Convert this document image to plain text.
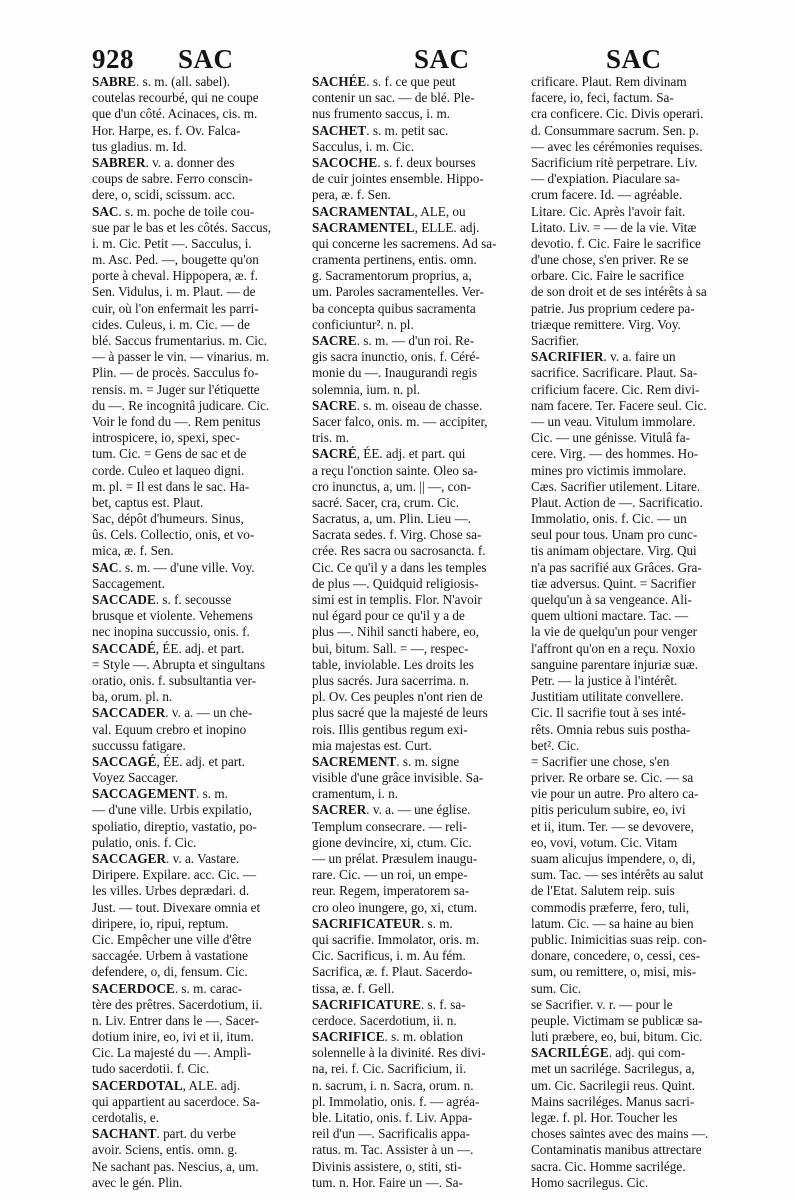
928 SAC	SAC	SAC
SABRE. s. m. (all. sabel).
coutelas recourbé, qui ne coupe
que d'un côté. Acinaces, cis. m.
Hor. Harpe, es. f. Ov. Falca-
tus gladius. m. Id.
SABRER. v. a. donner des
coups de sabre. Ferro conscin-
dere, o, scidi, scissum. acc.
SAC. s. m. poche de toile cou-
sue par le bas et les côtés. Saccus,
i. m. Cic. Petit —. Sacculus, i.
m. Asc. Ped. —, bougette qu'on
porte à cheval. Hippopera, æ. f.
Sen. Vidulus, i. m. Plaut. — de
cuir, où l'on enfermait les parri-
cides. Culeus, i. m. Cic. — de
blé. Saccus frumentarius. m. Cic.
— à passer le vin. — vinarius. m.
Plin. — de procès. Sacculus fo-
rensis. m. = Juger sur l'étiquette
du —. Re incognitâ judicare. Cic.
Voir le fond du —. Rem penitus
introspicere, io, spexi, spec-
tum. Cic. = Gens de sac et de
corde. Culeo et laqueo digni.
m. pl. = Il est dans le sac. Ha-
bet, captus est. Plaut.
Sac, dépôt d'humeurs. Sinus,
ûs. Cels. Collectio, onis, et vo-
mica, æ. f. Sen.
SAC. s. m. — d'une ville. Voy.
Saccagement.
SACCADE. s. f. secousse
brusque et violente. Vehemens
nec inopina succussio, onis. f.
SACCADÉ, ÉE. adj. et part.
= Style —. Abrupta et singultans
oratio, onis. f. subsultantia ver-
ba, orum. pl. n.
SACCADER. v. a. — un che-
val. Equum crebro et inopino
succussu fatigare.
SACCAGÉ, ÉE. adj. et part.
Voyez Saccager.
SACCAGEMENT. s. m.
— d'une ville. Urbis expilatio,
spoliatio, direptio, vastatio, po-
pulatio, onis. f. Cic.
SACCAGER. v. a. Vastare.
Diripere. Expilare. acc. Cic. —
les villes. Urbes deprædari. d.
Just. — tout. Divexare omnia et
diripere, io, ripui, reptum.
Cic. Empêcher une ville d'être
saccagée. Urbem à vastatione
defendere, o, di, fensum. Cic.
SACERDOCE. s. m. carac-
tère des prêtres. Sacerdotium, ii.
n. Liv. Entrer dans le —. Sacer-
dotium inire, eo, ivi et ii, itum.
Cic. La majesté du —. Amplì-
tudo sacerdotii. f. Cic.
SACERDOTAL, ALE. adj.
qui appartient au sacerdoce. Sa-
cerdotalis, e.
SACHANT. part. du verbe
avoir. Sciens, entis. omn. g.
Ne sachant pas. Nescius, a, um.
avec le gén. Plin.
SACHÉE. s. f. ce que peut
contenir un sac. — de blé. Ple-
nus frumento saccus, i. m.
SACHET. s. m. petit sac.
Sacculus, i. m. Cic.
SACOCHE. s. f. deux bourses
de cuir jointes ensemble. Hippo-
pera, æ. f. Sen.
SACRAMENTAL, ALE, ou
SACRAMENTEL, ELLE. adj.
qui concerne les sacremens. Ad sa-
cramenta pertinens, entis. omn.
g. Sacramentorum proprius, a,
um. Paroles sacramentelles. Ver-
ba concepta quibus sacramenta
conficiuntur². n. pl.
SACRE. s. m. — d'un roi. Re-
gis sacra inunctio, onis. f. Céré-
monie du —. Inaugurandi regis
solemnia, ium. n. pl.
SACRE. s. m. oiseau de chasse.
Sacer falco, onis. m. — accipiter,
tris. m.
SACRÉ, ÉE. adj. et part. qui
a reçu l'onction sainte. Oleo sa-
cro inunctus, a, um. || —, con-
sacré. Sacer, cra, crum. Cic.
Sacratus, a, um. Plin. Lieu —.
Sacrata sedes. f. Virg. Chose sa-
crée. Res sacra ou sacrosancta. f.
Cic. Ce qu'il y a dans les temples
de plus —. Quidquid religiosis-
simi est in templis. Flor. N'avoir
nul égard pour ce qu'il y a de
plus —. Nihil sancti habere, eo,
bui, bitum. Sall. = —, respec-
table, inviolable. Les droits les
plus sacrés. Jura sacerrima. n.
pl. Ov. Ces peuples n'ont rien de
plus sacré que la majesté de leurs
rois. Illis gentibus regum exi-
mia majestas est. Curt.
SACREMENT. s. m. signe
visible d'une grâce invisible. Sa-
cramentum, i. n.
SACRER. v. a. — une église.
Templum consecrare. — reli-
gione devincire, xi, ctum. Cic.
— un prélat. Præsulem inaugu-
rare. Cic. — un roi, un empe-
reur. Regem, imperatorem sa-
cro oleo inungere, go, xi, ctum.
SACRIFICATEUR. s. m.
qui sacrifie. Immolator, oris. m.
Cic. Sacrificus, i. m. Au fém.
Sacrifica, æ. f. Plaut. Sacerdo-
tissa, æ. f. Gell.
SACRIFICATURE. s. f. sa-
cerdoce. Sacerdotium, ii. n.
SACRIFICE. s. m. oblation
solennelle à la divinité. Res divi-
na, rei. f. Cic. Sacrificium, ii.
n. sacrum, i. n. Sacra, orum. n.
pl. Immolatio, onis. f. — agréa-
ble. Litatio, onis. f. Liv. Appa-
reil d'un —. Sacrificalis appa-
ratus. m. Tac. Assister à un —.
Divinis assistere, o, stiti, sti-
tum. n. Hor. Faire un —. Sa-
crificare. Plaut. Rem divinam
facere, io, feci, factum. Sa-
cra conficere. Cic. Divis operari.
d. Consummare sacrum. Sen. p.
— avec les cérémonies requises.
Sacrificium ritè perpetrare. Liv.
— d'expiation. Piaculare sa-
crum facere. Id. — agréable.
Litare. Cic. Après l'avoir fait.
Litato. Liv. = — de la vie. Vitæ
devotio. f. Cic. Faire le sacrifice
d'une chose, s'en priver. Re se
orbare. Cic. Faire le sacrifice
de son droit et de ses intérêts à sa
patrie. Jus proprium cedere pa-
triæque remittere. Virg. Voy.
Sacrifier.
SACRIFIER. v. a. faire un
sacrifice. Sacrificare. Plaut. Sa-
crificium facere. Cic. Rem divi-
nam facere. Ter. Facere seul. Cic.
— un veau. Vitulum immolare.
Cic. — une génisse. Vitulâ fa-
cere. Virg. — des hommes. Ho-
mines pro victimis immolare.
Cæs. Sacrifier utilement. Litare.
Plaut. Action de —. Sacrificatio.
Immolatio, onis. f. Cic. — un
seul pour tous. Unam pro cunc-
tis animam objectare. Virg. Qui
n'a pas sacrifié aux Grâces. Gra-
tiæ adversus. Quint. = Sacrifier
quelqu'un à sa vengeance. Ali-
quem ultioni mactare. Tac. —
la vie de quelqu'un pour venger
l'affront qu'on en a reçu. Noxio
sanguine parentare injuriæ suæ.
Petr. — la justice à l'intérêt.
Justitiam utilitate convellere.
Cic. Il sacrifie tout à ses inté-
rêts. Omnia rebus suis postha-
bet². Cic.
= Sacrifier une chose, s'en
priver. Re orbare se. Cic. — sa
vie pour un autre. Pro altero ca-
pitis periculum subire, eo, ivi
et ii, itum. Ter. — se devovere,
eo, vovi, votum. Cic. Vitam
suam alicujus impendere, o, di,
sum. Tac. — ses intérêts au salut
de l'Etat. Salutem reip. suis
commodis præferre, fero, tuli,
latum. Cic. — sa haine au bien
public. Inimicitias suas reip. con-
donare, concedere, o, cessi, ces-
sum, ou remittere, o, misi, mis-
sum. Cic.
se Sacrifier. v. r. — pour le
peuple. Victimam se publicæ sa-
luti præbere, eo, bui, bitum. Cic.
SACRILÉGE. adj. qui com-
met un sacrilége. Sacrilegus, a,
um. Cic. Sacrilegii reus. Quint.
Mains sacriléges. Manus sacri-
legæ. f. pl. Hor. Toucher les
choses saintes avec des mains —.
Contaminatis manibus attrectare
sacra. Cic. Homme sacrilége.
Homo sacrilegus. Cic.
